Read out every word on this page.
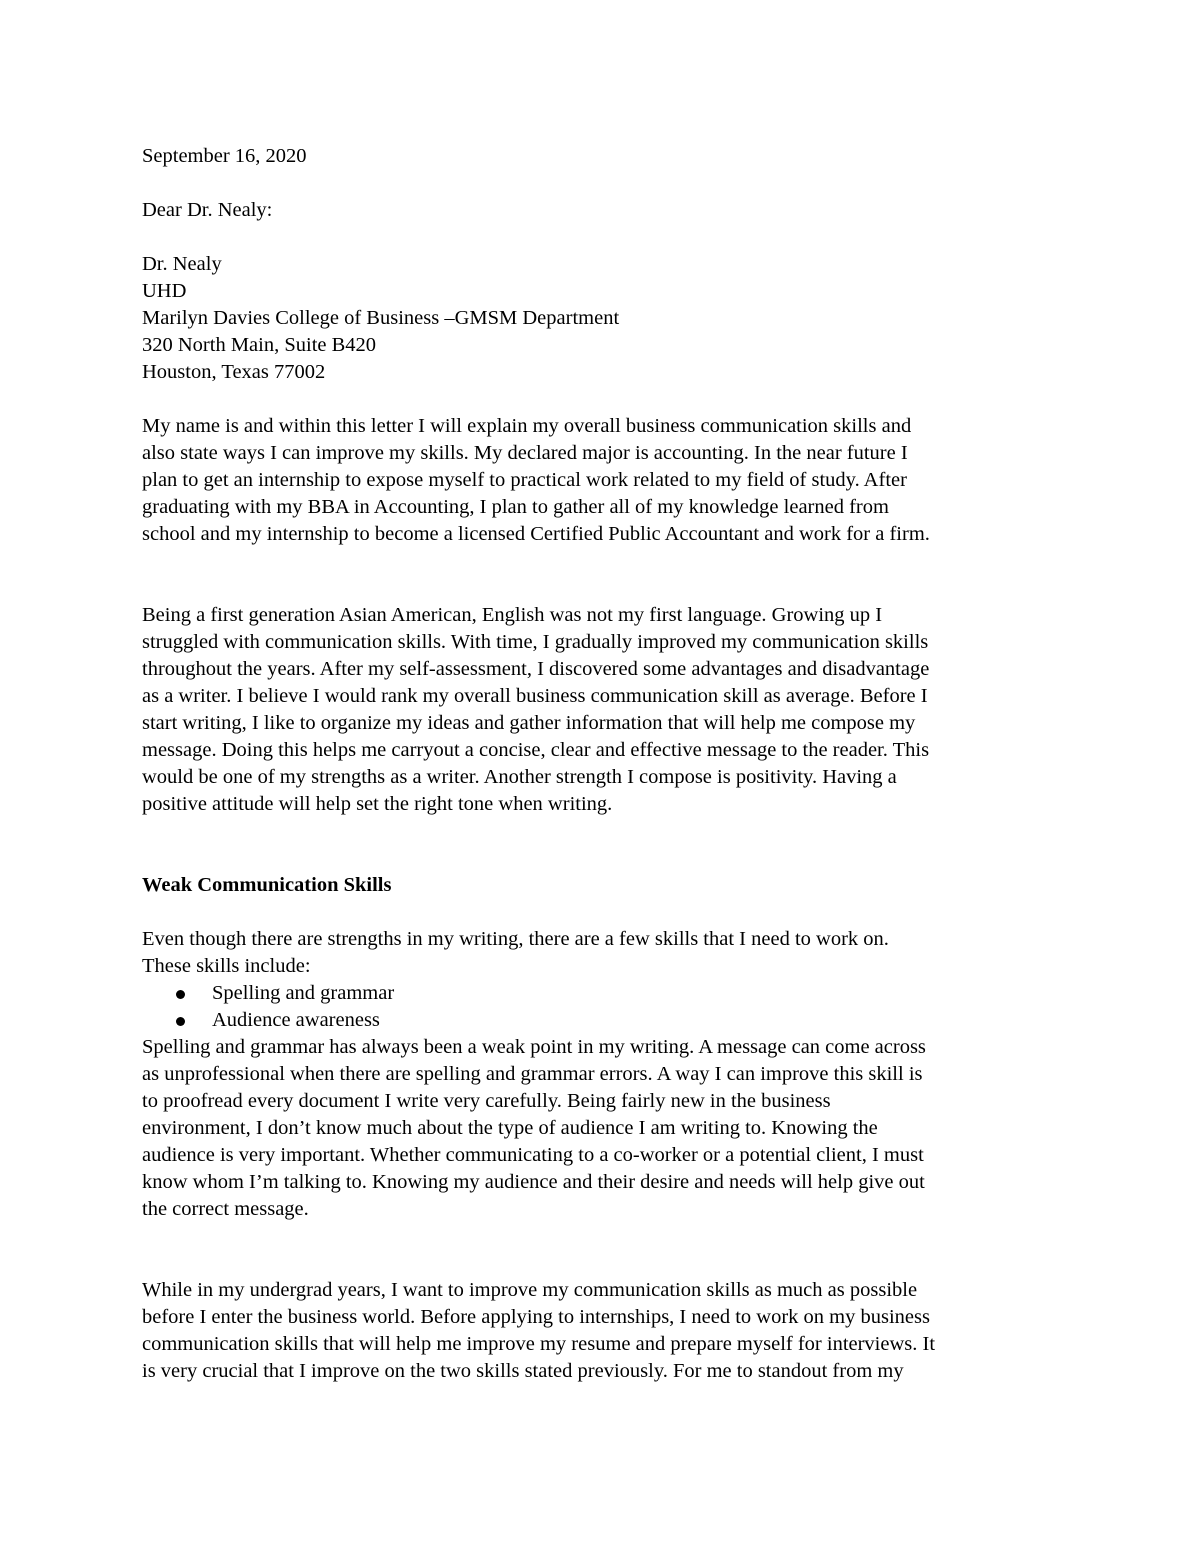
September 16, 2020
Dear Dr. Nealy:
Dr. Nealy
UHD
Marilyn Davies College of Business –GMSM Department
320 North Main, Suite B420
Houston, Texas 77002
My name is and within this letter I will explain my overall business communication skills and
also state ways I can improve my skills. My declared major is accounting. In the near future I
plan to get an internship to expose myself to practical work related to my field of study. After
graduating with my BBA in Accounting, I plan to gather all of my knowledge learned from
school and my internship to become a licensed Certified Public Accountant and work for a firm.
Being a first generation Asian American, English was not my first language. Growing up I
struggled with communication skills. With time, I gradually improved my communication skills
throughout the years. After my self-assessment, I discovered some advantages and disadvantage
as a writer. I believe I would rank my overall business communication skill as average. Before I
start writing, I like to organize my ideas and gather information that will help me compose my
message. Doing this helps me carryout a concise, clear and effective message to the reader. This
would be one of my strengths as a writer. Another strength I compose is positivity. Having a
positive attitude will help set the right tone when writing.
Weak Communication Skills
Even though there are strengths in my writing, there are a few skills that I need to work on.
These skills include:
Spelling and grammar
Audience awareness
Spelling and grammar has always been a weak point in my writing. A message can come across
as unprofessional when there are spelling and grammar errors. A way I can improve this skill is
to proofread every document I write very carefully. Being fairly new in the business
environment, I don’t know much about the type of audience I am writing to. Knowing the
audience is very important. Whether communicating to a co-worker or a potential client, I must
know whom I’m talking to. Knowing my audience and their desire and needs will help give out
the correct message.
While in my undergrad years, I want to improve my communication skills as much as possible
before I enter the business world. Before applying to internships, I need to work on my business
communication skills that will help me improve my resume and prepare myself for interviews. It
is very crucial that I improve on the two skills stated previously. For me to standout from my
